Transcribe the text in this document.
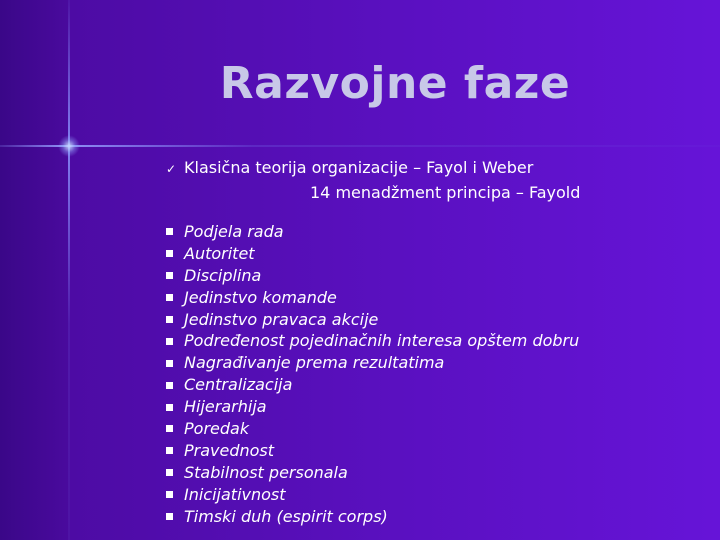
Razvojne faze
✓ Klasična teorija organizacije – Fayol i Weber
14 menadžment principa – Fayold
Podjela rada
Autoritet
Disciplina
Jedinstvo komande
Jedinstvo pravaca akcije
Podređenost pojedinačnih interesa opštem dobru
Nagrađivanje prema rezultatima
Centralizacija
Hijerarhija
Poredak
Pravednost
Stabilnost personala
Inicijativnost
Timski duh (espirit corps)
